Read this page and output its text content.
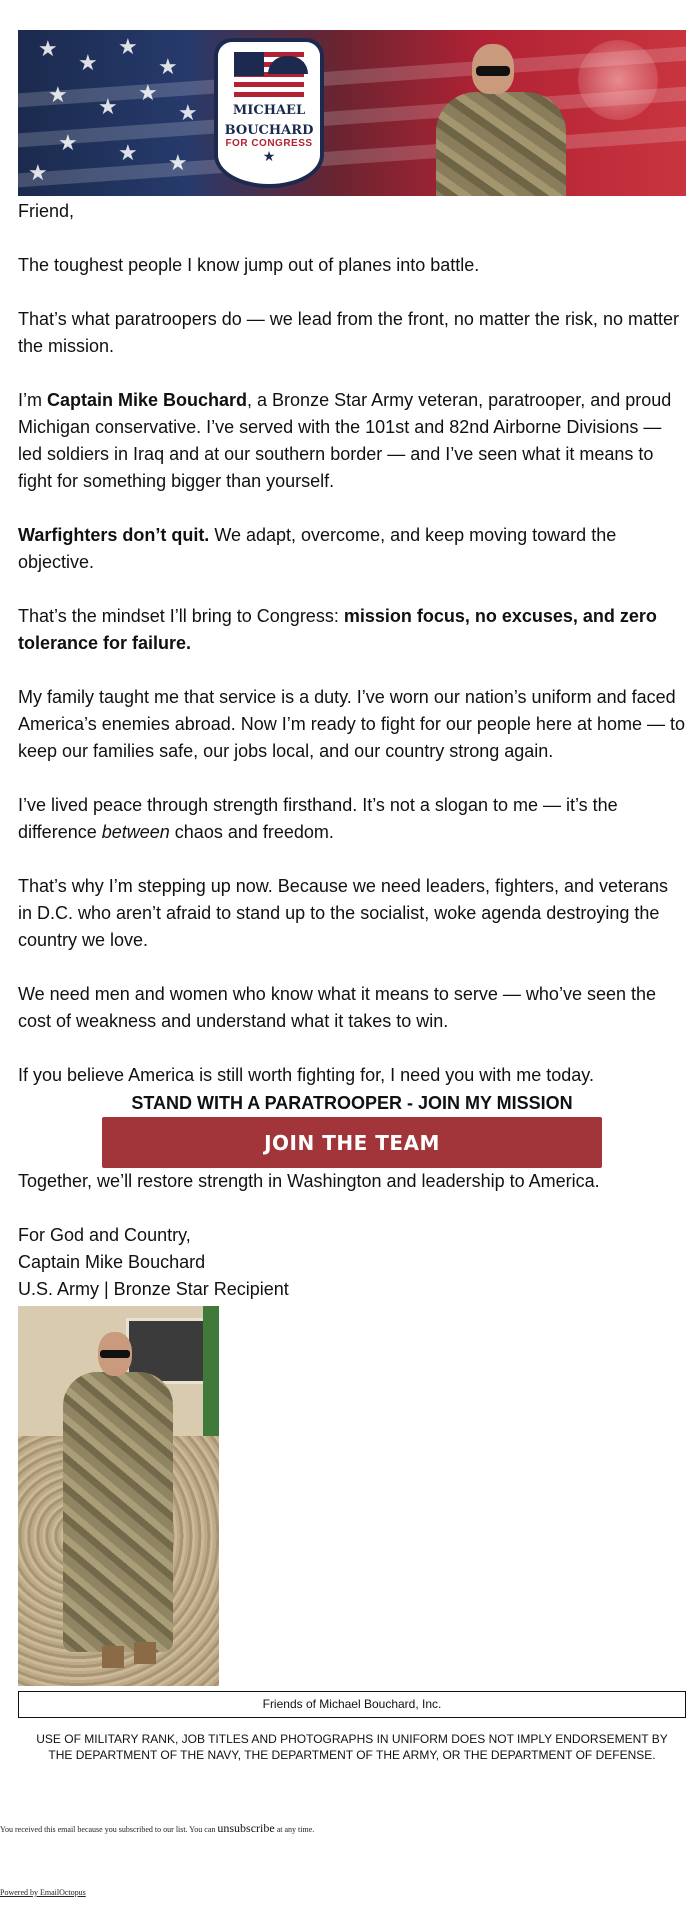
★
★
★
★
★ ★
★
★
★ ★ ★
★
MICHAEL
BOUCHARD
FOR CONGRESS
★

Friend,

The toughest people I know jump out of planes into battle.

That’s what paratroopers do — we lead from the front, no matter the risk, no matter the mission.

I’m Captain Mike Bouchard, a Bronze Star Army veteran, paratrooper, and proud Michigan conservative. I’ve served with the 101st and 82nd Airborne Divisions — led soldiers in Iraq and at our southern border — and I’ve seen what it means to fight for something bigger than yourself.

Warfighters don’t quit. We adapt, overcome, and keep moving toward the objective.

That’s the mindset I’ll bring to Congress: mission focus, no excuses, and zero tolerance for failure.

My family taught me that service is a duty. I’ve worn our nation’s uniform and faced America’s enemies abroad. Now I’m ready to fight for our people here at home — to keep our families safe, our jobs local, and our country strong again.

I’ve lived peace through strength firsthand. It’s not a slogan to me — it’s the difference between chaos and freedom.

That’s why I’m stepping up now. Because we need leaders, fighters, and veterans in D.C. who aren’t afraid to stand up to the socialist, woke agenda destroying the country we love.

We need men and women who know what it means to serve — who’ve seen the cost of weakness and understand what it takes to win.

If you believe America is still worth fighting for, I need you with me today.

STAND WITH A PARATROOPER - JOIN MY MISSION
JOIN THE TEAM

Together, we’ll restore strength in Washington and leadership to America.

For God and Country,
Captain Mike Bouchard
U.S. Army | Bronze Star Recipient
Friends of Michael Bouchard, Inc.
USE OF MILITARY RANK, JOB TITLES AND PHOTOGRAPHS IN UNIFORM DOES NOT IMPLY ENDORSEMENT BY THE DEPARTMENT OF THE NAVY, THE DEPARTMENT OF THE ARMY, OR THE DEPARTMENT OF DEFENSE.
You received this email because you subscribed to our list. You can unsubscribe at any time.
Powered by EmailOctopus
